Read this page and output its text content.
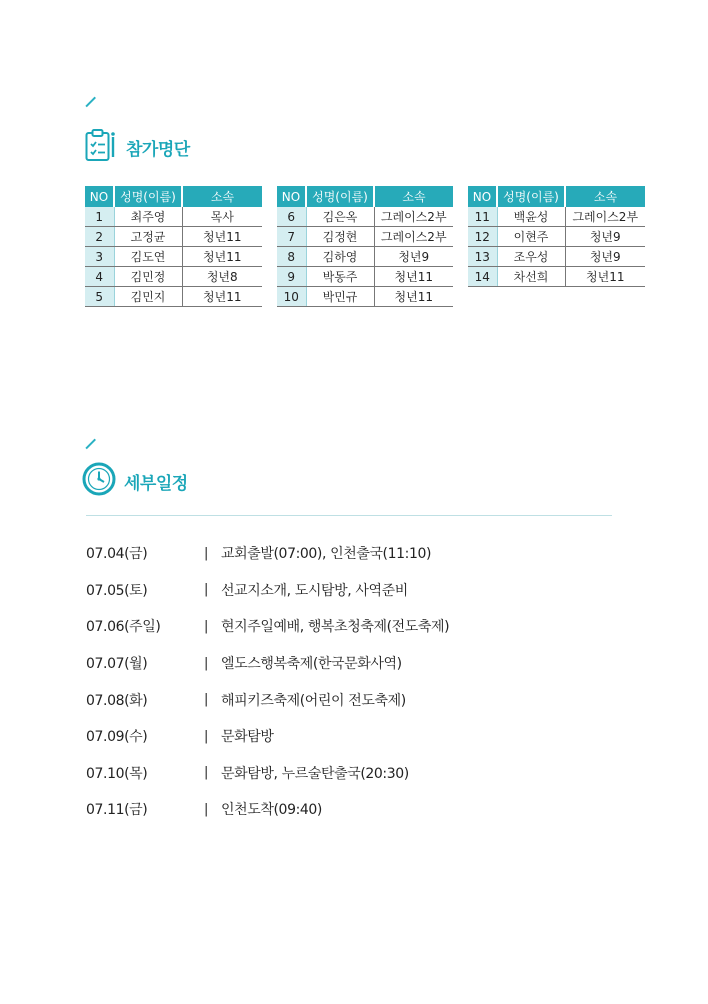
참가명단
NO	성명(이름)	소속
1	최주영	목사
2	고정균	청년11
3	김도연	청년11
4	김민정	청년8
5	김민지	청년11
NO	성명(이름)	소속
6	김은옥	그레이스2부
7	김정현	그레이스2부
8	김하영	청년9
9	박동주	청년11
10	박민규	청년11
NO	성명(이름)	소속
11	백윤성	그레이스2부
12	이현주	청년9
13	조우성	청년9
14	차선희	청년11
세부일정
07.04(금)	| 교회출발(07:00), 인천출국(11:10)
07.05(토)	| 선교지소개, 도시탐방, 사역준비
07.06(주일)	| 현지주일예배, 행복초청축제(전도축제)
07.07(월)	| 엘도스행복축제(한국문화사역)
07.08(화)	| 해피키즈축제(어린이 전도축제)
07.09(수)	| 문화탐방
07.10(목)	| 문화탐방, 누르술탄출국(20:30)
07.11(금)	| 인천도착(09:40)
